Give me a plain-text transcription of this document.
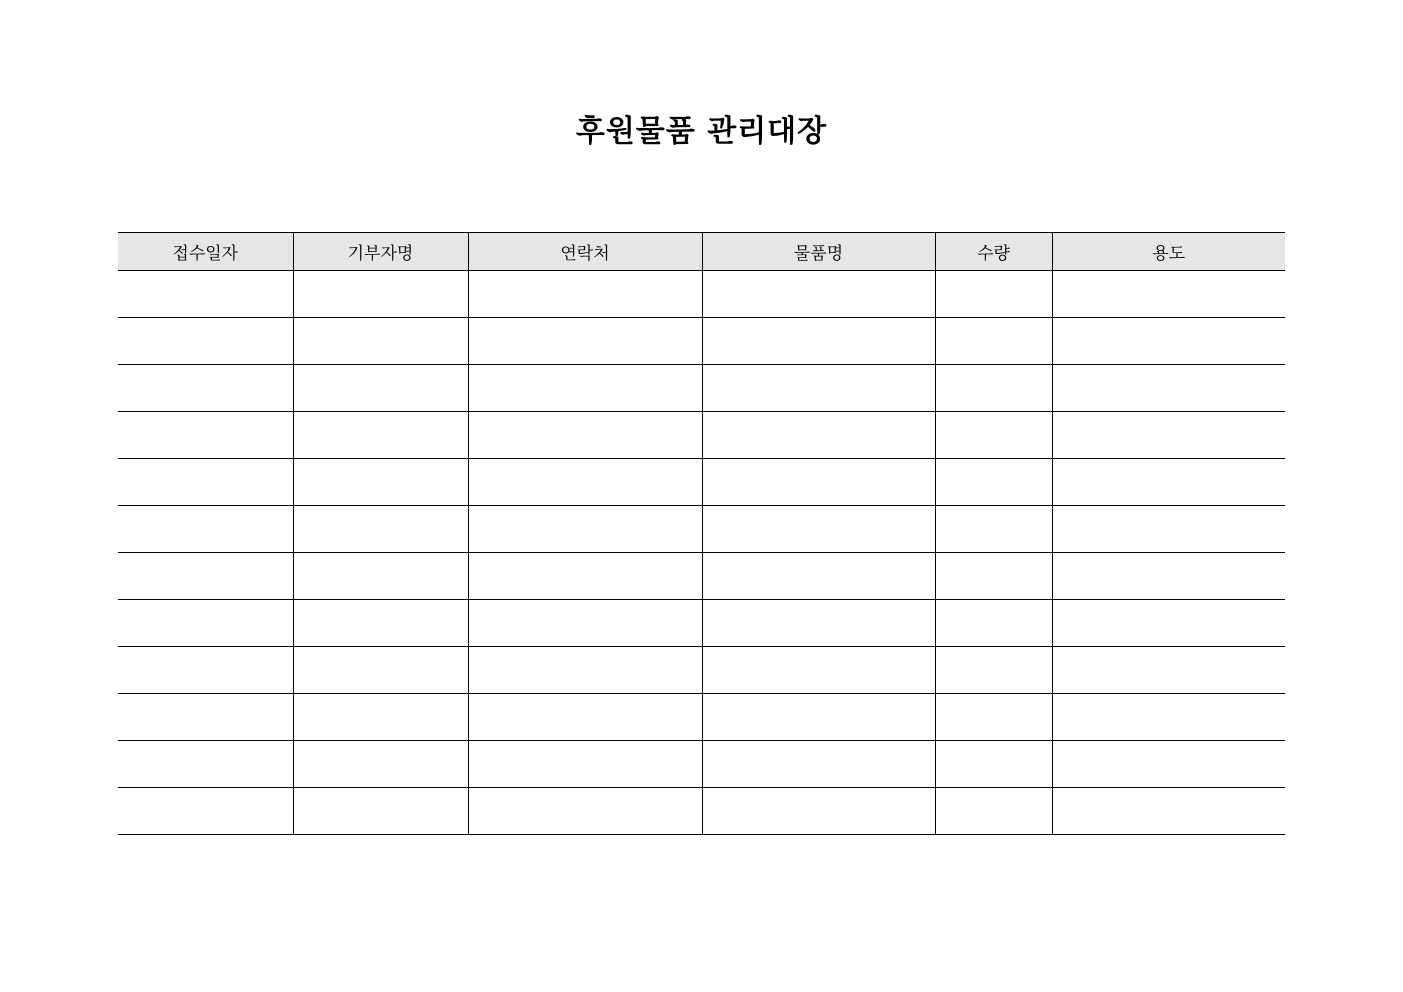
후원물품 관리대장
접수일자	기부자명	연락처	물품명	수량	용도
